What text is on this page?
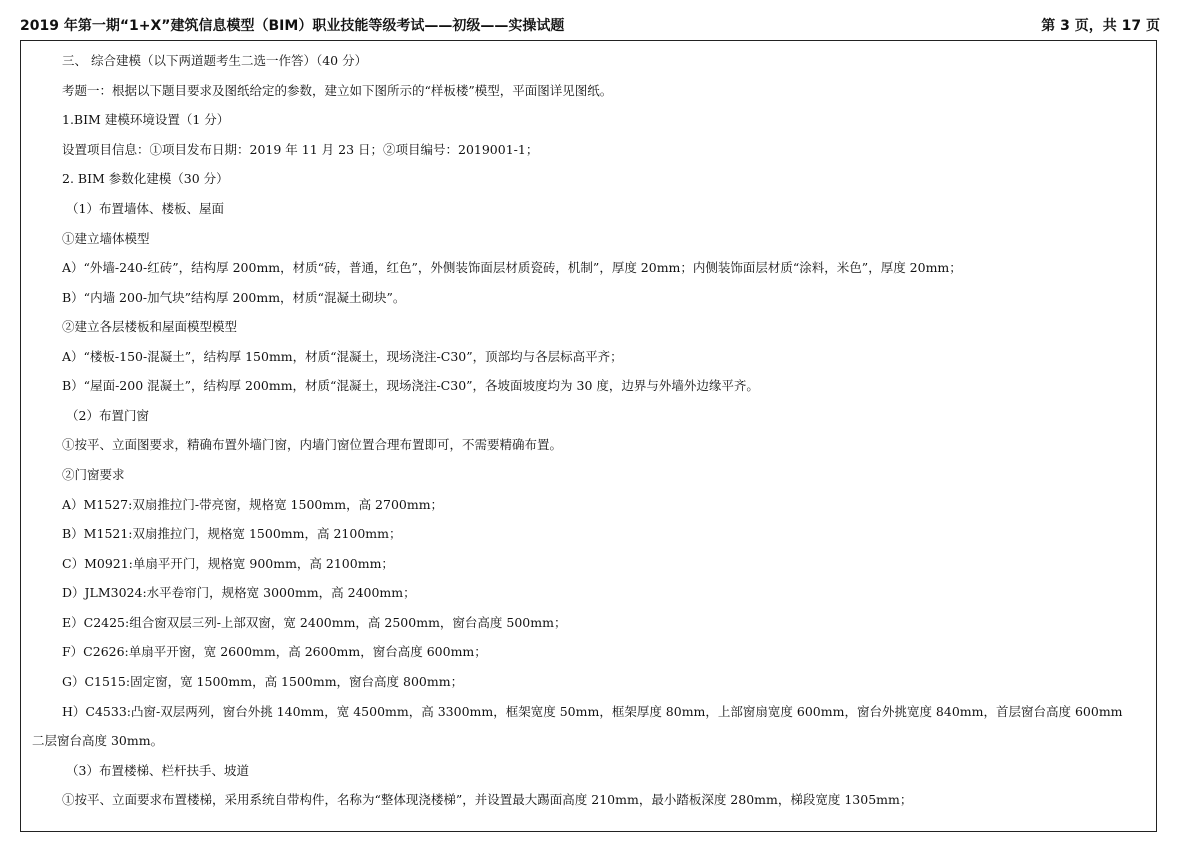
2019 年第一期“1+X”建筑信息模型（BIM）职业技能等级考试——初级——实操试题	第 3 页，共 17 页
三、 综合建模（以下两道题考生二选一作答）（40 分）
考题一：根据以下题目要求及图纸给定的参数，建立如下图所示的“样板楼”模型，平面图详见图纸。
1.BIM 建模环境设置（1 分）
设置项目信息：①项目发布日期：2019 年 11 月 23 日；②项目编号：2019001-1；
2. BIM 参数化建模（30 分）
（1）布置墙体、楼板、屋面
①建立墙体模型
A）“外墙-240-红砖”，结构厚 200mm，材质“砖，普通，红色”，外侧装饰面层材质瓷砖，机制”，厚度 20mm；内侧装饰面层材质“涂料，米色”，厚度 20mm；
B）“内墙 200-加气块”结构厚 200mm，材质“混凝土砌块”。
②建立各层楼板和屋面模型模型
A）“楼板-150-混凝土”，结构厚 150mm，材质“混凝土，现场浇注-C30”，顶部均与各层标高平齐；
B）“屋面-200 混凝土”，结构厚 200mm，材质“混凝土，现场浇注-C30”，各坡面坡度均为 30 度，边界与外墙外边缘平齐。
（2）布置门窗
①按平、立面图要求，精确布置外墙门窗，内墙门窗位置合理布置即可，不需要精确布置。
②门窗要求
A）M1527:双扇推拉门-带亮窗，规格宽 1500mm，高 2700mm；
B）M1521:双扇推拉门，规格宽 1500mm，高 2100mm；
C）M0921:单扇平开门，规格宽 900mm，高 2100mm；
D）JLM3024:水平卷帘门，规格宽 3000mm，高 2400mm；
E）C2425:组合窗双层三列-上部双窗，宽 2400mm，高 2500mm，窗台高度 500mm；
F）C2626:单扇平开窗，宽 2600mm，高 2600mm，窗台高度 600mm；
G）C1515:固定窗，宽 1500mm，高 1500mm，窗台高度 800mm；
H）C4533:凸窗-双层两列，窗台外挑 140mm，宽 4500mm，高 3300mm，框架宽度 50mm，框架厚度 80mm，上部窗扇宽度 600mm，窗台外挑宽度 840mm，首层窗台高度 600mm
二层窗台高度 30mm。
（3）布置楼梯、栏杆扶手、坡道
①按平、立面要求布置楼梯，采用系统自带构件，名称为“整体现浇楼梯”，并设置最大踢面高度 210mm，最小踏板深度 280mm，梯段宽度 1305mm；
